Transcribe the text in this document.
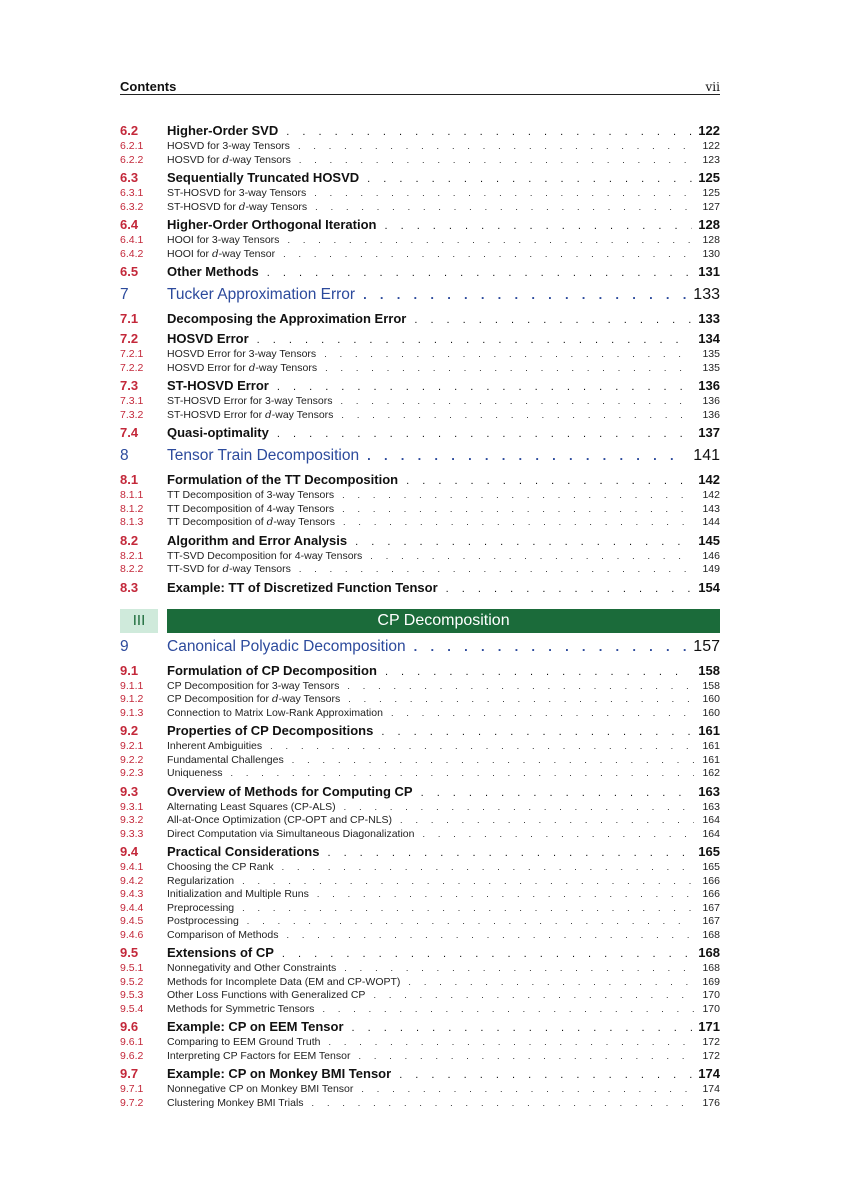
Contents	vii
6.2	Higher-Order SVD . . .	122
6.2.1	HOSVD for 3-way Tensors . . .	122
6.2.2	HOSVD for d-way Tensors . . .	123
6.3	Sequentially Truncated HOSVD . . .	125
6.3.1	ST-HOSVD for 3-way Tensors . . .	125
6.3.2	ST-HOSVD for d-way Tensors . . .	127
6.4	Higher-Order Orthogonal Iteration . . .	128
6.4.1	HOOI for 3-way Tensors . . .	128
6.4.2	HOOI for d-way Tensor . . .	130
6.5	Other Methods . . .	131
7	Tucker Approximation Error . . .	133
7.1	Decomposing the Approximation Error . . .	133
7.2	HOSVD Error . . .	134
7.2.1	HOSVD Error for 3-way Tensors . . .	135
7.2.2	HOSVD Error for d-way Tensors . . .	135
7.3	ST-HOSVD Error . . .	136
7.3.1	ST-HOSVD Error for 3-way Tensors . . .	136
7.3.2	ST-HOSVD Error for d-way Tensors . . .	136
7.4	Quasi-optimality . . .	137
8	Tensor Train Decomposition . . .	141
8.1	Formulation of the TT Decomposition . . .	142
8.1.1	TT Decomposition of 3-way Tensors . . .	142
8.1.2	TT Decomposition of 4-way Tensors . . .	143
8.1.3	TT Decomposition of d-way Tensors . . .	144
8.2	Algorithm and Error Analysis . . .	145
8.2.1	TT-SVD Decomposition for 4-way Tensors . . .	146
8.2.2	TT-SVD for d-way Tensors . . .	149
8.3	Example: TT of Discretized Function Tensor . . .	154
III	CP Decomposition
9	Canonical Polyadic Decomposition . . .	157
9.1	Formulation of CP Decomposition . . .	158
9.1.1	CP Decomposition for 3-way Tensors . . .	158
9.1.2	CP Decomposition for d-way Tensors . . .	160
9.1.3	Connection to Matrix Low-Rank Approximation . . .	160
9.2	Properties of CP Decompositions . . .	161
9.2.1	Inherent Ambiguities . . .	161
9.2.2	Fundamental Challenges . . .	161
9.2.3	Uniqueness . . .	162
9.3	Overview of Methods for Computing CP . . .	163
9.3.1	Alternating Least Squares (CP-ALS) . . .	163
9.3.2	All-at-Once Optimization (CP-OPT and CP-NLS) . . .	164
9.3.3	Direct Computation via Simultaneous Diagonalization . . .	164
9.4	Practical Considerations . . .	165
9.4.1	Choosing the CP Rank . . .	165
9.4.2	Regularization . . .	166
9.4.3	Initialization and Multiple Runs . . .	166
9.4.4	Preprocessing . . .	167
9.4.5	Postprocessing . . .	167
9.4.6	Comparison of Methods . . .	168
9.5	Extensions of CP . . .	168
9.5.1	Nonnegativity and Other Constraints . . .	168
9.5.2	Methods for Incomplete Data (EM and CP-WOPT) . . .	169
9.5.3	Other Loss Functions with Generalized CP . . .	170
9.5.4	Methods for Symmetric Tensors . . .	170
9.6	Example: CP on EEM Tensor . . .	171
9.6.1	Comparing to EEM Ground Truth . . .	172
9.6.2	Interpreting CP Factors for EEM Tensor . . .	172
9.7	Example: CP on Monkey BMI Tensor . . .	174
9.7.1	Nonnegative CP on Monkey BMI Tensor . . .	174
9.7.2	Clustering Monkey BMI Trials . . .	176
